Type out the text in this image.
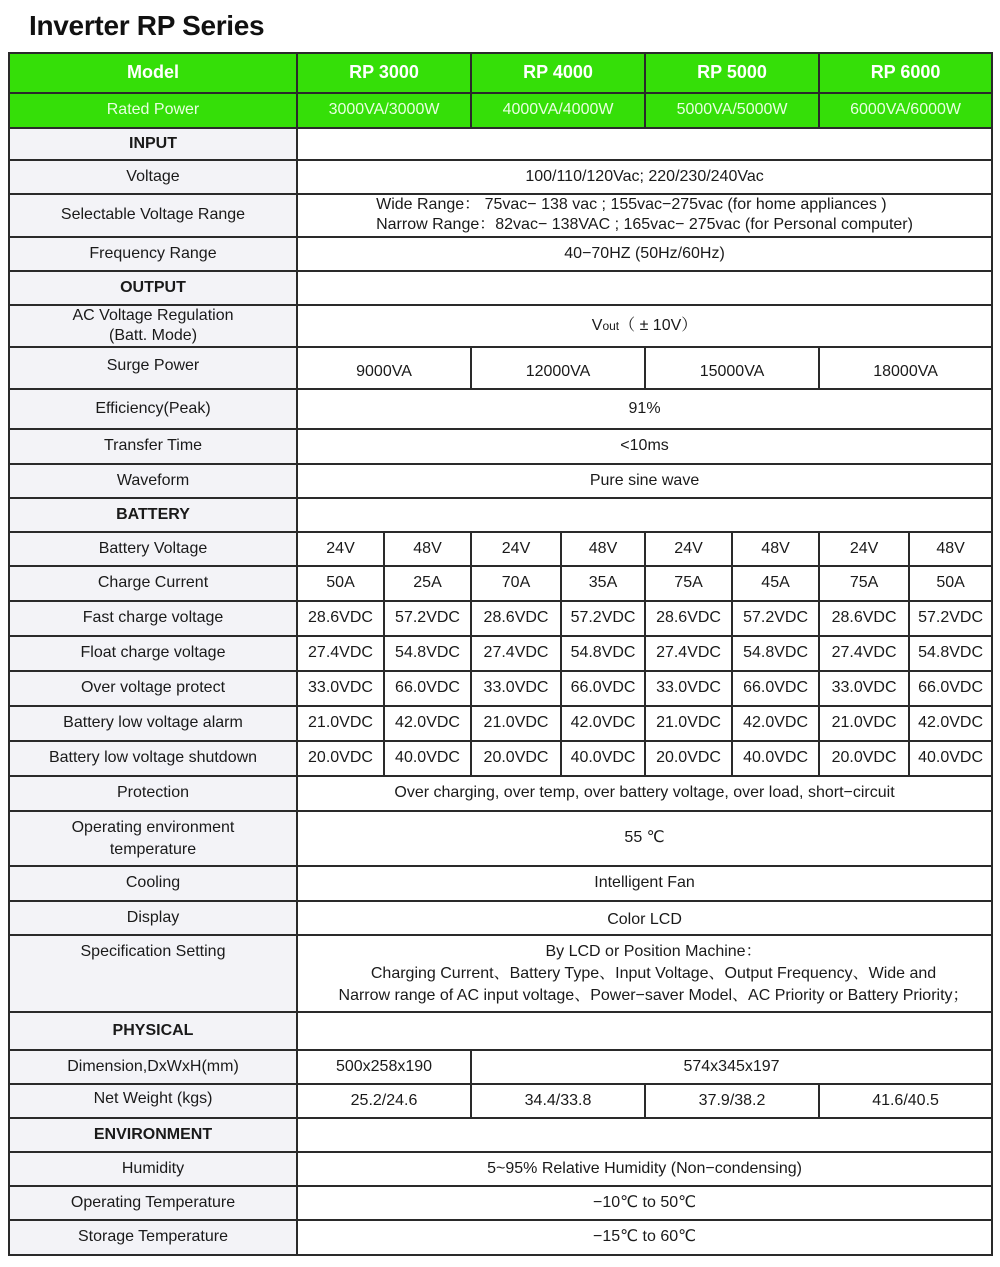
Inverter RP Series
Model	RP 3000		RP 4000		RP 5000		RP 6000	
Rated Power	3000VA/3000W		4000VA/4000W		5000VA/5000W		6000VA/6000W	
INPUT								
Voltage	100/110/120Vac; 220/230/240Vac							
Selectable Voltage Range	Wide Range： 75vac− 138 vac ; 155vac−275vac (for home appliances )
Narrow Range：82vac− 138VAC ; 165vac− 275vac (for Personal computer)							

Frequency Range	40−70HZ (50Hz/60Hz)							
OUTPUT								

AC Voltage Regulation
(Batt. Mode)	Vout（ ± 10V）							
Surge Power	9000VA		12000VA		15000VA		18000VA	
Efficiency(Peak)	91%							
Transfer Time	<10ms							
Waveform	Pure sine wave							
BATTERY								
Battery Voltage	24V	48V	24V	48V	24V	48V	24V	48V
Charge Current	50A	25A	70A	35A	75A	45A	75A	50A
Fast charge voltage	28.6VDC	57.2VDC	28.6VDC	57.2VDC	28.6VDC	57.2VDC	28.6VDC	57.2VDC
Float charge voltage	27.4VDC	54.8VDC	27.4VDC	54.8VDC	27.4VDC	54.8VDC	27.4VDC	54.8VDC
Over voltage protect	33.0VDC	66.0VDC	33.0VDC	66.0VDC	33.0VDC	66.0VDC	33.0VDC	66.0VDC
Battery low voltage alarm	21.0VDC	42.0VDC	21.0VDC	42.0VDC	21.0VDC	42.0VDC	21.0VDC	42.0VDC
Battery low voltage shutdown	20.0VDC	40.0VDC	20.0VDC	40.0VDC	20.0VDC	40.0VDC	20.0VDC	40.0VDC
Protection	Over charging, over temp, over battery voltage, over load, short−circuit							

Operating environment
temperature	55 ℃							
Cooling	Intelligent Fan							
Display	Color LCD							
Specification Setting	By LCD or Position Machine：
Charging Current、Battery Type、Input Voltage、Output Frequency、Wide and
Narrow range of AC input voltage、Power−saver Model、AC Priority or Battery Priority；							

PHYSICAL								
Dimension,DxWxH(mm)	500x258x190		574x345x197					
Net Weight (kgs)	25.2/24.6		34.4/33.8		37.9/38.2		41.6/40.5	
ENVIRONMENT								
Humidity	5~95% Relative Humidity (Non−condensing)							
Operating Temperature	−10℃ to 50℃							
Storage Temperature	−15℃ to 60℃							
